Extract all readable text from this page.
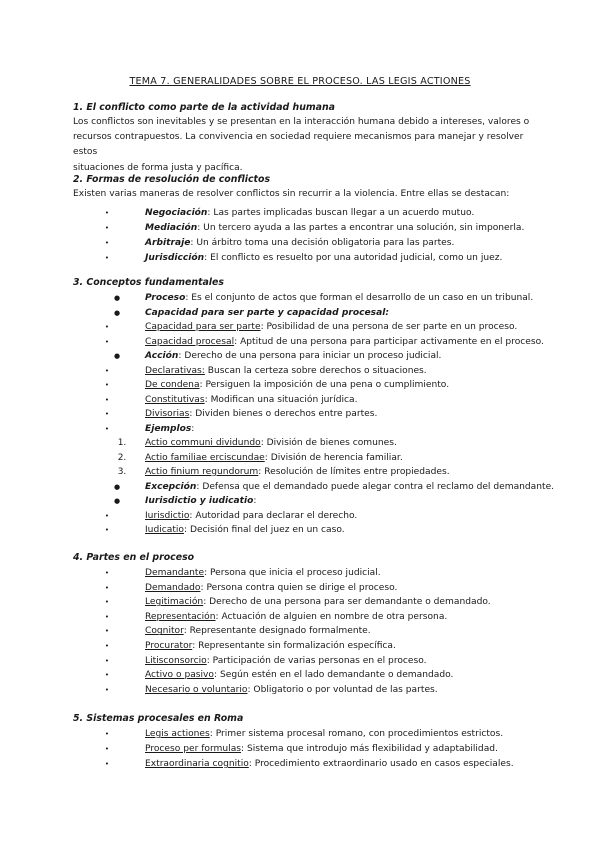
TEMA 7. GENERALIDADES SOBRE EL PROCESO. LAS LEGIS ACTIONES
1. El conflicto como parte de la actividad humana
Los conflictos son inevitables y se presentan en la interacción humana debido a intereses, valores o
recursos contrapuestos. La convivencia en sociedad requiere mecanismos para manejar y resolver estos
situaciones de forma justa y pacífica.
2. Formas de resolución de conflictos
Existen varias maneras de resolver conflictos sin recurrir a la violencia. Entre ellas se destacan:
•	Negociación: Las partes implicadas buscan llegar a un acuerdo mutuo.
•	Mediación: Un tercero ayuda a las partes a encontrar una solución, sin imponerla.
•	Arbitraje: Un árbitro toma una decisión obligatoria para las partes.
•	Jurisdicción: El conflicto es resuelto por una autoridad judicial, como un juez.
3. Conceptos fundamentales
●	Proceso: Es el conjunto de actos que forman el desarrollo de un caso en un tribunal.
●	Capacidad para ser parte y capacidad procesal:
•	Capacidad para ser parte: Posibilidad de una persona de ser parte en un proceso.
•	Capacidad procesal: Aptitud de una persona para participar activamente en el proceso.
●	Acción: Derecho de una persona para iniciar un proceso judicial.
•	Declarativas: Buscan la certeza sobre derechos o situaciones.
•	De condena: Persiguen la imposición de una pena o cumplimiento.
•	Constitutivas: Modifican una situación jurídica.
•	Divisorias: Dividen bienes o derechos entre partes.
•	Ejemplos:
1.	Actio communi dividundo: División de bienes comunes.
2.	Actio familiae erciscundae: División de herencia familiar.
3.	Actio finium regundorum: Resolución de límites entre propiedades.
●	Excepción: Defensa que el demandado puede alegar contra el reclamo del demandante.
●	Iurisdictio y iudicatio:
•	Iurisdictio: Autoridad para declarar el derecho.
•	Iudicatio: Decisión final del juez en un caso.
4. Partes en el proceso
•	Demandante: Persona que inicia el proceso judicial.
•	Demandado: Persona contra quien se dirige el proceso.
•	Legitimación: Derecho de una persona para ser demandante o demandado.
•	Representación: Actuación de alguien en nombre de otra persona.
•	Cognitor: Representante designado formalmente.
•	Procurator: Representante sin formalización específica.
•	Litisconsorcio: Participación de varias personas en el proceso.
•	Activo o pasivo: Según estén en el lado demandante o demandado.
•	Necesario o voluntario: Obligatorio o por voluntad de las partes.
5. Sistemas procesales en Roma
•	Legis actiones: Primer sistema procesal romano, con procedimientos estrictos.
•	Proceso per formulas: Sistema que introdujo más flexibilidad y adaptabilidad.
•	Extraordinaria cognitio: Procedimiento extraordinario usado en casos especiales.
